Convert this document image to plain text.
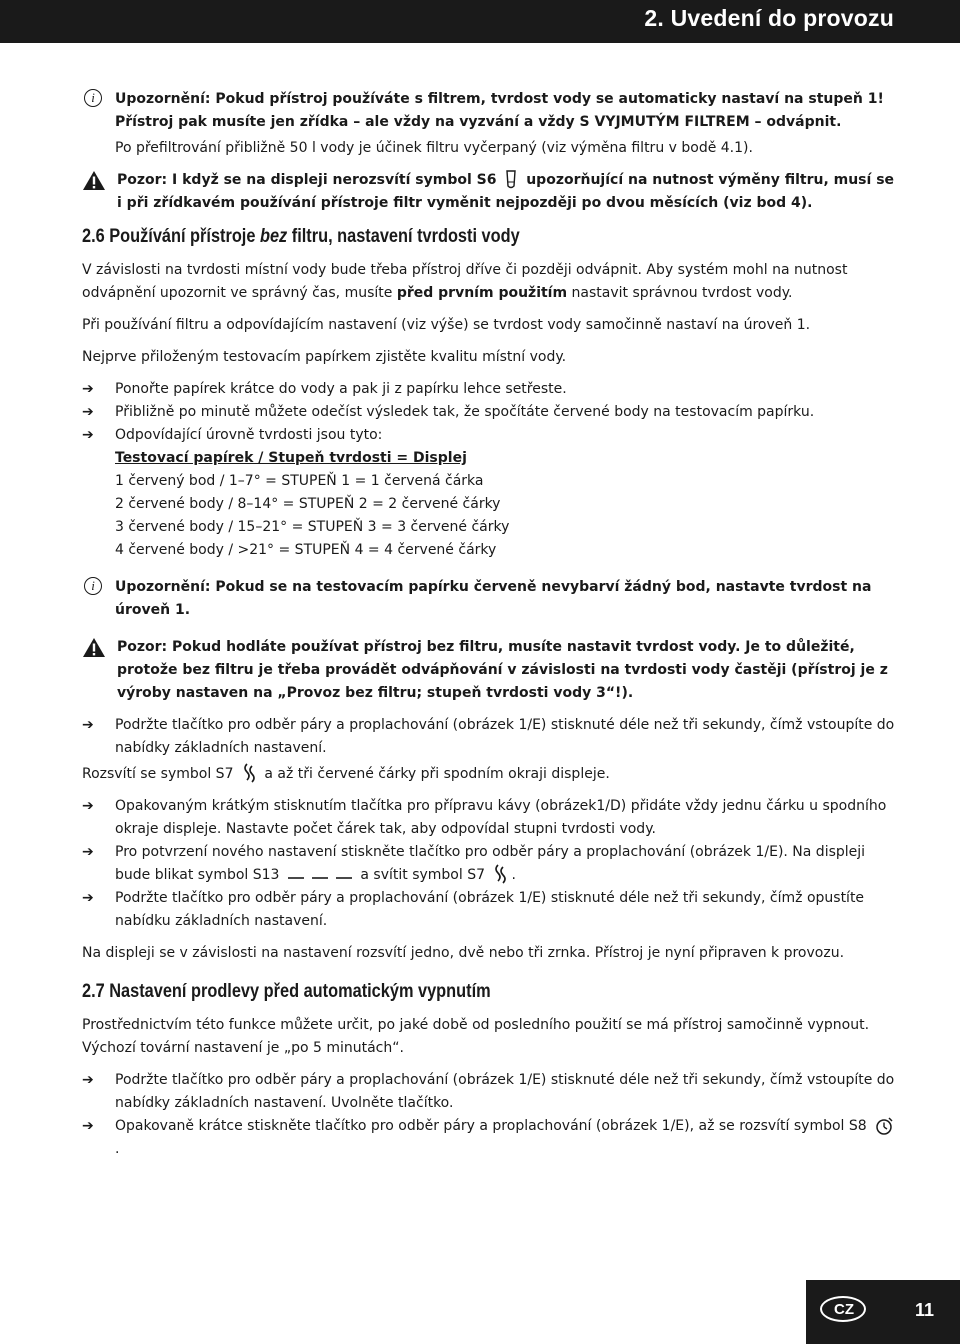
2. Uvedení do provozu
i	Upozornění: Pokud přístroj používáte s filtrem, tvrdost vody se automaticky nastaví na stupeň 1! Přístroj pak musíte jen zřídka – ale vždy na vyzvání a vždy S VYJMUTÝM FILTREM – odvápnit.
Po přefiltrování přibližně 50 l vody je účinek filtru vyčerpaný (viz výměna filtru v bodě 4.1).
Pozor: I když se na displeji nerozsvítí symbol S6 upozorňující na nutnost výměny filtru, musí se i při zřídkavém používání přístroje filtr vyměnit nejpozději po dvou měsících (viz bod 4).
2.6 Používání přístroje bez filtru, nastavení tvrdosti vody
V závislosti na tvrdosti místní vody bude třeba přístroj dříve či později odvápnit. Aby systém mohl na nutnost odvápnění upozornit ve správný čas, musíte před prvním použitím nastavit správnou tvrdost vody.
Při používání filtru a odpovídajícím nastavení (viz výše) se tvrdost vody samočinně nastaví na úroveň 1.
Nejprve přiloženým testovacím papírkem zjistěte kvalitu místní vody.
➔	Ponořte papírek krátce do vody a pak ji z papírku lehce setřeste.
➔	Přibližně po minutě můžete odečíst výsledek tak, že spočítáte červené body na testovacím papírku.
➔	Odpovídající úrovně tvrdosti jsou tyto:
Testovací papírek / Stupeň tvrdosti = Displej
1 červený bod / 1–7° = STUPEŇ 1 = 1 červená čárka
2 červené body / 8–14° = STUPEŇ 2 = 2 červené čárky
3 červené body / 15–21° = STUPEŇ 3 = 3 červené čárky
4 červené body / >21° = STUPEŇ 4 = 4 červené čárky
i	Upozornění: Pokud se na testovacím papírku červeně nevybarví žádný bod, nastavte tvrdost na úroveň 1.
Pozor: Pokud hodláte používat přístroj bez filtru, musíte nastavit tvrdost vody. Je to důležité, protože bez filtru je třeba provádět odvápňování v závislosti na tvrdosti vody častěji (přístroj je z výroby nastaven na „Provoz bez filtru; stupeň tvrdosti vody 3“!).
➔	Podržte tlačítko pro odběr páry a proplachování (obrázek 1/E) stisknuté déle než tři sekundy, čímž vstoupíte do nabídky základních nastavení.
Rozsvítí se symbol S7 a až tři červené čárky při spodním okraji displeje.
➔	Opakovaným krátkým stisknutím tlačítka pro přípravu kávy (obrázek1/D) přidáte vždy jednu čárku u spodního okraje displeje. Nastavte počet čárek tak, aby odpovídal stupni tvrdosti vody.
➔	Pro potvrzení nového nastavení stiskněte tlačítko pro odběr páry a proplachování (obrázek 1/E). Na displeji bude blikat symbol S13	a svítit symbol S7 .
➔	Podržte tlačítko pro odběr páry a proplachování (obrázek 1/E) stisknuté déle než tři sekundy, čímž opustíte nabídku základních nastavení.
Na displeji se v závislosti na nastavení rozsvítí jedno, dvě nebo tři zrnka. Přístroj je nyní připraven k provozu.
2.7 Nastavení prodlevy před automatickým vypnutím
Prostřednictvím této funkce můžete určit, po jaké době od posledního použití se má přístroj samočinně vypnout. Výchozí tovární nastavení je „po 5 minutách“.
➔	Podržte tlačítko pro odběr páry a proplachování (obrázek 1/E) stisknuté déle než tři sekundy, čímž vstoupíte do nabídky základních nastavení. Uvolněte tlačítko.
➔	Opakovaně krátce stiskněte tlačítko pro odběr páry a proplachování (obrázek 1/E), až se rozsvítí symbol S8 .
CZ	11
